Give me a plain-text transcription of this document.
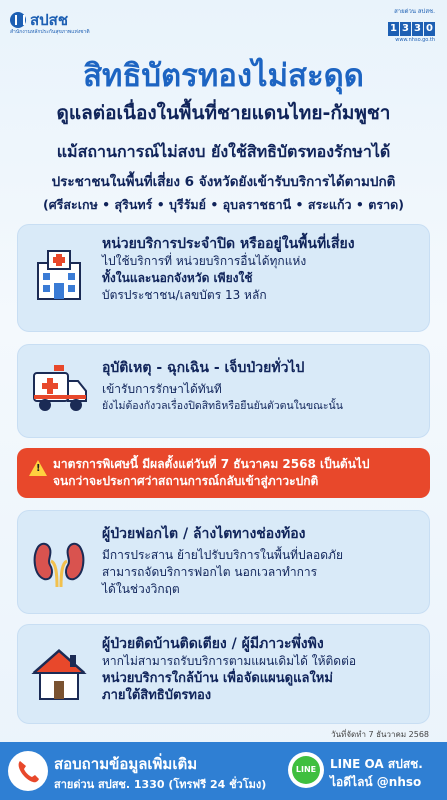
สปสช
สำนักงานหลักประกันสุขภาพแห่งชาติ
สายด่วน สปสช.
1 3 3 0
www.nhso.go.th
สิทธิบัตรทองไม่สะดุด
ดูแลต่อเนื่องในพื้นที่ชายแดนไทย-กัมพูชา
แม้สถานการณ์ไม่สงบ ยังใช้สิทธิบัตรทองรักษาได้
ประชาชนในพื้นที่เสี่ยง 6 จังหวัดยังเข้ารับบริการได้ตามปกติ
(ศรีสะเกษ • สุรินทร์ • บุรีรัมย์ • อุบลราชธานี • สระแก้ว • ตราด)
หน่วยบริการประจำปิด หรืออยู่ในพื้นที่เสี่ยง
ไปใช้บริการที่ หน่วยบริการอื่นได้ทุกแห่ง
ทั้งในและนอกจังหวัด เพียงใช้
บัตรประชาชน/เลขบัตร 13 หลัก
อุบัติเหตุ - ฉุกเฉิน - เจ็บป่วยทั่วไป
เข้ารับการรักษาได้ทันที
ยังไม่ต้องกังวลเรื่องปิดสิทธิหรือยืนยันตัวตนในขณะนั้น
!
มาตรการพิเศษนี้ มีผลตั้งแต่วันที่ 7 ธันวาคม 2568 เป็นต้นไป
จนกว่าจะประกาศว่าสถานการณ์กลับเข้าสู่ภาวะปกติ
ผู้ป่วยฟอกไต / ล้างไตทางช่องท้อง
มีการประสาน ย้ายไปรับบริการในพื้นที่ปลอดภัย
สามารถจัดบริการฟอกไต นอกเวลาทำการ
ได้ในช่วงวิกฤต
ผู้ป่วยติดบ้านติดเตียง / ผู้มีภาวะพึ่งพิง
หากไม่สามารถรับบริการตามแผนเดิมได้ ให้ติดต่อ
หน่วยบริการใกล้บ้าน เพื่อจัดแผนดูแลใหม่
ภายใต้สิทธิบัตรทอง
วันที่จัดทำ 7 ธันวาคม 2568
สอบถามข้อมูลเพิ่มเติม
สายด่วน สปสช. 1330 (โทรฟรี 24 ชั่วโมง)
LINE	LINE OA สปสช.
ไอดีไลน์ @nhso
